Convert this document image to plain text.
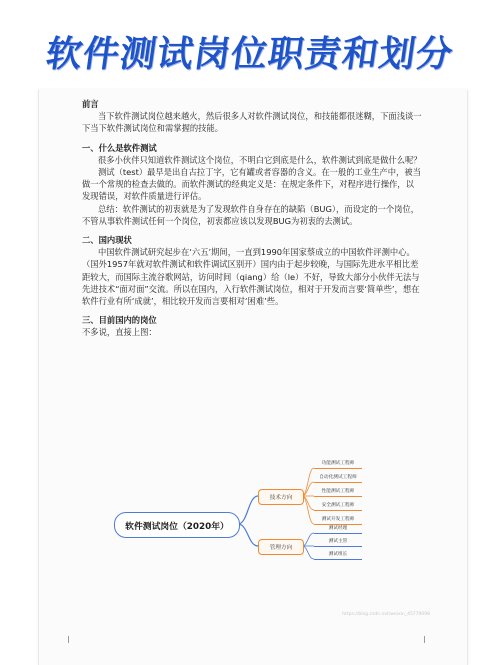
软件测试岗位职责和划分

前言

当下软件测试岗位越来越火，然后很多人对软件测试岗位，和技能都很迷糊，下面浅谈一下当下软件测试岗位和需掌握的技能。

一、什么是软件测试

很多小伙伴只知道软件测试这个岗位，不明白它到底是什么，软件测试到底是做什么呢？

测试（test）最早是出自古拉丁字，它有罐或者容器的含义。在一般的工业生产中，被当做一个常规的检查去做的。而软件测试的经典定义是：在规定条件下，对程序进行操作，以发现错误，对软件质量进行评估。

总结：软件测试的初衷就是为了发现软件自身存在的缺陷（BUG），而设定的一个岗位，不管从事软件测试任何一个岗位，初衷都应该以发现BUG为初衷的去测试。

二、国内现状

中国软件测试研究起步在‘六五’期间，一直到1990年国家蔡成立的中国软件评测中心。（国外1957年就对软件测试和软件调试区别开）国内由于起步较晚，与国际先进水平相比差距较大，而国际主流谷歌网站，访问时间（qiang）给（le）不好，导致大部分小伙伴无法与先进技术“面对面”交流。所以在国内，入行软件测试岗位，相对于开发而言要‘简单些’，想在软件行业有所‘成就’，相比较开发而言要相对‘困难’些。

三、目前国内的岗位

不多说，直接上图：

软件测试岗位（2020年）
技术方向
管理方向
功能测试工程师
自动化测试工程师
性能测试工程师
安全测试工程师
测试开发工程师
测试经理
测试主管
测试组长
https://blog.csdn.net/weixin_45779098
